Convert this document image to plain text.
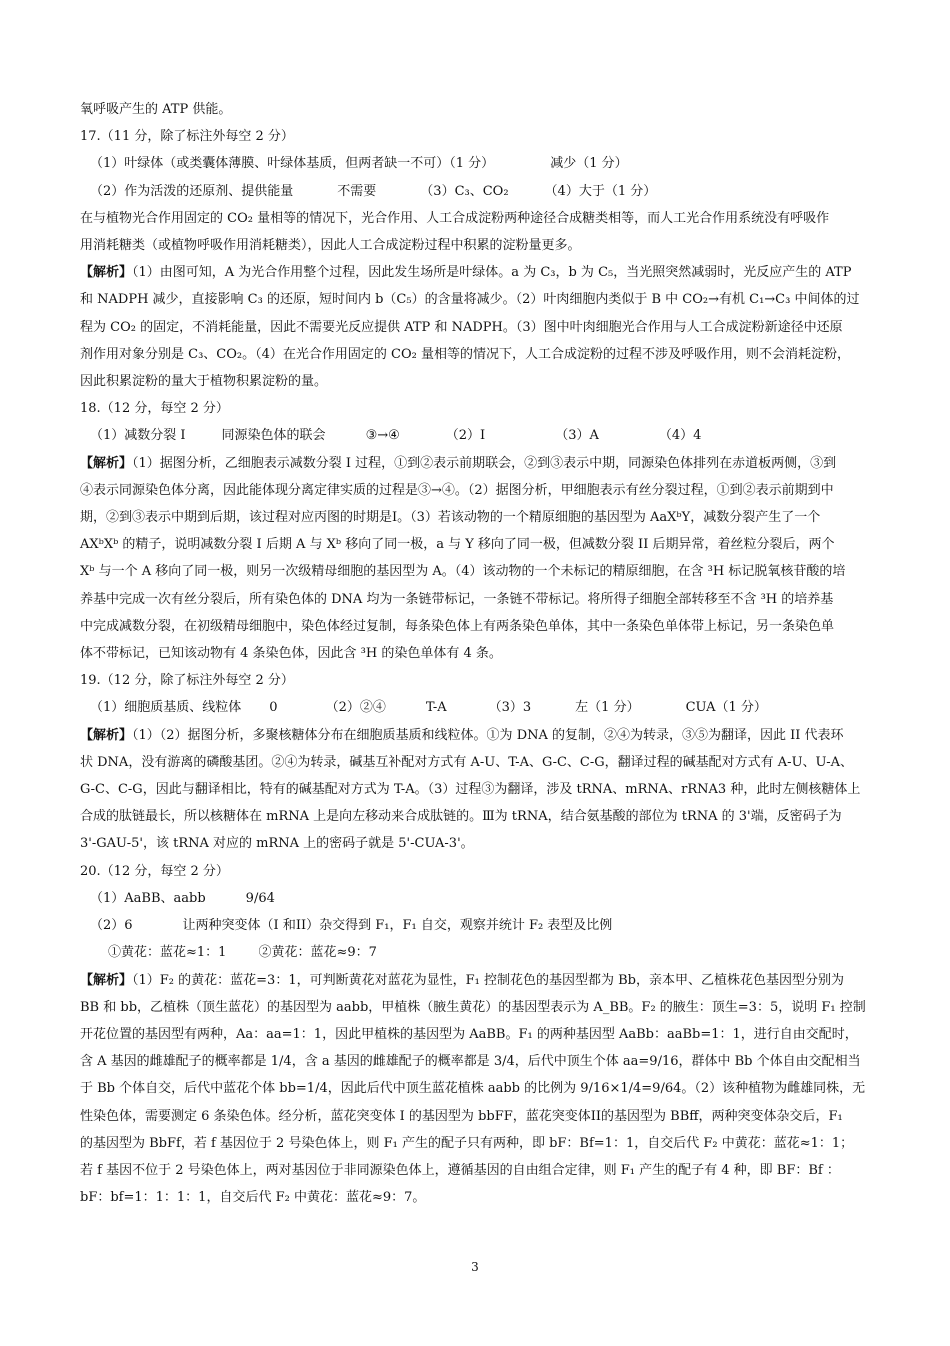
氧呼吸产生的 ATP 供能。
17.（11 分，除了标注外每空 2 分）
（1）叶绿体（或类囊体薄膜、叶绿体基质，但两者缺一不可）（1 分）	减少（1 分）
（2）作为活泼的还原剂、提供能量	不需要	（3）C₃、CO₂	（4）大于（1 分）
在与植物光合作用固定的 CO₂ 量相等的情况下，光合作用、人工合成淀粉两种途径合成糖类相等，而人工光合作用系统没有呼吸作
用消耗糖类（或植物呼吸作用消耗糖类），因此人工合成淀粉过程中积累的淀粉量更多。
【解析】（1）由图可知，A 为光合作用整个过程，因此发生场所是叶绿体。a 为 C₃，b 为 C₅，当光照突然减弱时，光反应产生的 ATP
和 NADPH 减少，直接影响 C₃ 的还原，短时间内 b（C₅）的含量将减少。（2）叶肉细胞内类似于 B 中 CO₂→有机 C₁→C₃ 中间体的过
程为 CO₂ 的固定，不消耗能量，因此不需要光反应提供 ATP 和 NADPH。（3）图中叶肉细胞光合作用与人工合成淀粉新途径中还原
剂作用对象分别是 C₃、CO₂。（4）在光合作用固定的 CO₂ 量相等的情况下，人工合成淀粉的过程不涉及呼吸作用，则不会消耗淀粉，
因此积累淀粉的量大于植物积累淀粉的量。
18.（12 分，每空 2 分）
（1）减数分裂 Ⅰ	同源染色体的联会	③→④	（2）Ⅰ	（3）A	（4）4
【解析】（1）据图分析，乙细胞表示减数分裂 I 过程，①到②表示前期联会，②到③表示中期，同源染色体排列在赤道板两侧，③到
④表示同源染色体分离，因此能体现分离定律实质的过程是③→④。（2）据图分析，甲细胞表示有丝分裂过程，①到②表示前期到中
期，②到③表示中期到后期，该过程对应丙图的时期是Ⅰ。（3）若该动物的一个精原细胞的基因型为 AaXᵇY，减数分裂产生了一个
AXᵇXᵇ 的精子，说明减数分裂 I 后期 A 与 Xᵇ 移向了同一极，a 与 Y 移向了同一极，但减数分裂 II 后期异常，着丝粒分裂后，两个
Xᵇ 与一个 A 移向了同一极，则另一次级精母细胞的基因型为 A。（4）该动物的一个未标记的精原细胞，在含 ³H 标记脱氧核苷酸的培
养基中完成一次有丝分裂后，所有染色体的 DNA 均为一条链带标记，一条链不带标记。将所得子细胞全部转移至不含 ³H 的培养基
中完成减数分裂，在初级精母细胞中，染色体经过复制，每条染色体上有两条染色单体，其中一条染色单体带上标记，另一条染色单
体不带标记，已知该动物有 4 条染色体，因此含 ³H 的染色单体有 4 条。
19.（12 分，除了标注外每空 2 分）
（1）细胞质基质、线粒体 0	（2）②④	T-A	（3）3	左（1 分）	CUA（1 分）
【解析】（1）（2）据图分析，多聚核糖体分布在细胞质基质和线粒体。①为 DNA 的复制，②④为转录，③⑤为翻译，因此 II 代表环
状 DNA，没有游离的磷酸基团。②④为转录，碱基互补配对方式有 A-U、T-A、G-C、C-G，翻译过程的碱基配对方式有 A-U、U-A、
G-C、C-G，因此与翻译相比，特有的碱基配对方式为 T-A。（3）过程③为翻译，涉及 tRNA、mRNA、rRNA3 种，此时左侧核糖体上
合成的肽链最长，所以核糖体在 mRNA 上是向左移动来合成肽链的。Ⅲ为 tRNA，结合氨基酸的部位为 tRNA 的 3'端，反密码子为
3'-GAU-5'，该 tRNA 对应的 mRNA 上的密码子就是 5'-CUA-3'。
20.（12 分，每空 2 分）
（1）AaBB、aabb	9/64
（2）6	让两种突变体（I 和II）杂交得到 F₁，F₁ 自交，观察并统计 F₂ 表型及比例
①黄花：蓝花≈1：1 ②黄花：蓝花≈9：7
【解析】（1）F₂ 的黄花：蓝花=3：1，可判断黄花对蓝花为显性，F₁ 控制花色的基因型都为 Bb，亲本甲、乙植株花色基因型分别为
BB 和 bb，乙植株（顶生蓝花）的基因型为 aabb，甲植株（腋生黄花）的基因型表示为 A_BB。F₂ 的腋生：顶生=3：5，说明 F₁ 控制
开花位置的基因型有两种，Aa：aa=1：1，因此甲植株的基因型为 AaBB。F₁ 的两种基因型 AaBb：aaBb=1：1，进行自由交配时，
含 A 基因的雌雄配子的概率都是 1/4，含 a 基因的雌雄配子的概率都是 3/4，后代中顶生个体 aa=9/16，群体中 Bb 个体自由交配相当
于 Bb 个体自交，后代中蓝花个体 bb=1/4，因此后代中顶生蓝花植株 aabb 的比例为 9/16×1/4=9/64。（2）该种植物为雌雄同株，无
性染色体，需要测定 6 条染色体。经分析，蓝花突变体 I 的基因型为 bbFF，蓝花突变体II的基因型为 BBff，两种突变体杂交后，F₁
的基因型为 BbFf，若 f 基因位于 2 号染色体上，则 F₁ 产生的配子只有两种，即 bF：Bf=1：1，自交后代 F₂ 中黄花：蓝花≈1：1；
若 f 基因不位于 2 号染色体上，两对基因位于非同源染色体上，遵循基因的自由组合定律，则 F₁ 产生的配子有 4 种，即 BF：Bf ：
bF：bf=1：1：1：1，自交后代 F₂ 中黄花：蓝花≈9：7。
3
